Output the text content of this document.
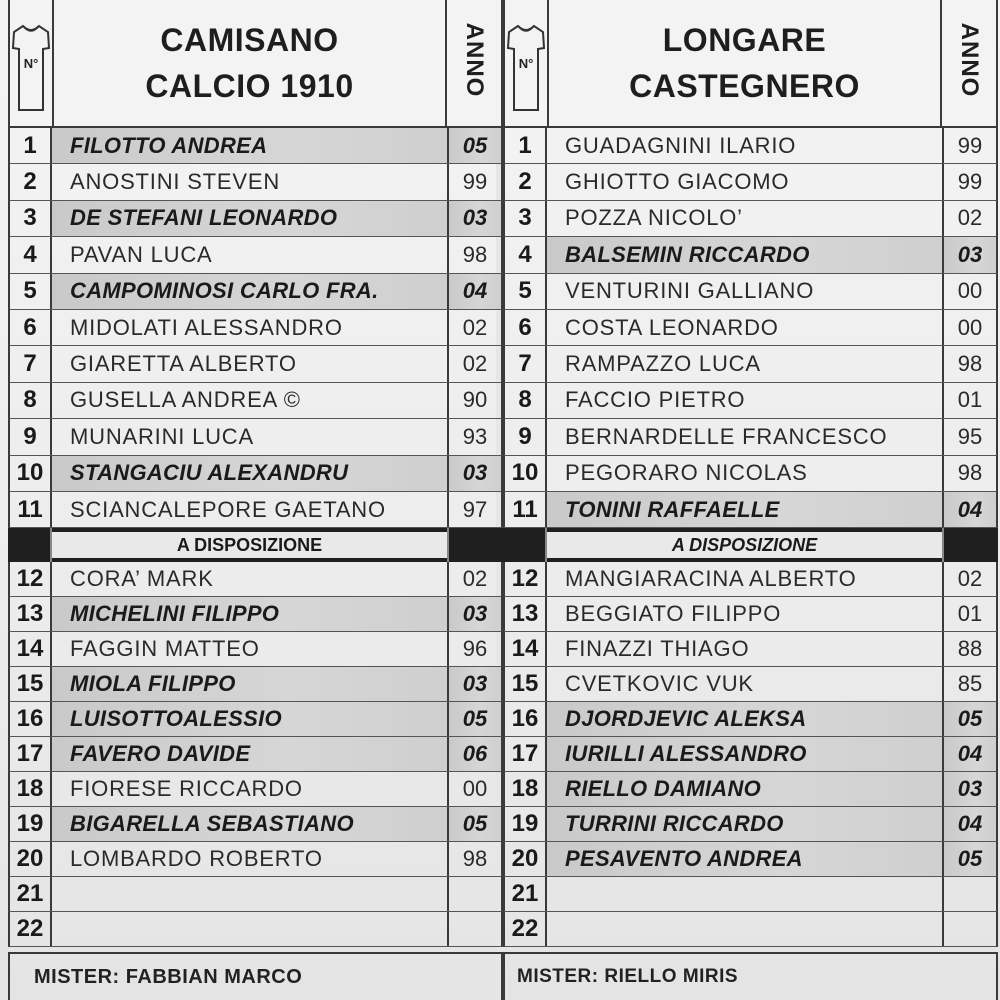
N°
CAMISANO
CALCIO 1910	ANNO
1	FILOTTO ANDREA	05
2	ANOSTINI STEVEN	99
3	DE STEFANI LEONARDO	03
4	PAVAN LUCA	98
5	CAMPOMINOSI CARLO FRA.	04
6	MIDOLATI ALESSANDRO	02
7	GIARETTA ALBERTO	02
8	GUSELLA ANDREA ©	90
9	MUNARINI LUCA	93
10	STANGACIU ALEXANDRU	03
11	SCIANCALEPORE GAETANO	97
A DISPOSIZIONE
12	CORA’ MARK	02
13	MICHELINI FILIPPO	03
14	FAGGIN MATTEO	96
15	MIOLA FILIPPO	03
16	LUISOTTOALESSIO	05
17	FAVERO DAVIDE	06
18	FIORESE RICCARDO	00
19	BIGARELLA SEBASTIANO	05
20	LOMBARDO ROBERTO	98
21
22
MISTER: FABBIAN MARCO
N°
LONGARE
CASTEGNERO	ANNO
1	GUADAGNINI ILARIO	99
2	GHIOTTO GIACOMO	99
3	POZZA NICOLO’	02
4	BALSEMIN RICCARDO	03
5	VENTURINI GALLIANO	00
6	COSTA LEONARDO	00
7	RAMPAZZO LUCA	98
8	FACCIO PIETRO	01
9	BERNARDELLE FRANCESCO	95
10	PEGORARO NICOLAS	98
11	TONINI RAFFAELLE	04
A DISPOSIZIONE
12	MANGIARACINA ALBERTO	02
13	BEGGIATO FILIPPO	01
14	FINAZZI THIAGO	88
15	CVETKOVIC VUK	85
16	DJORDJEVIC ALEKSA	05
17	IURILLI ALESSANDRO	04
18	RIELLO DAMIANO	03
19	TURRINI RICCARDO	04
20	PESAVENTO ANDREA	05
21
22
MISTER: RIELLO MIRIS
